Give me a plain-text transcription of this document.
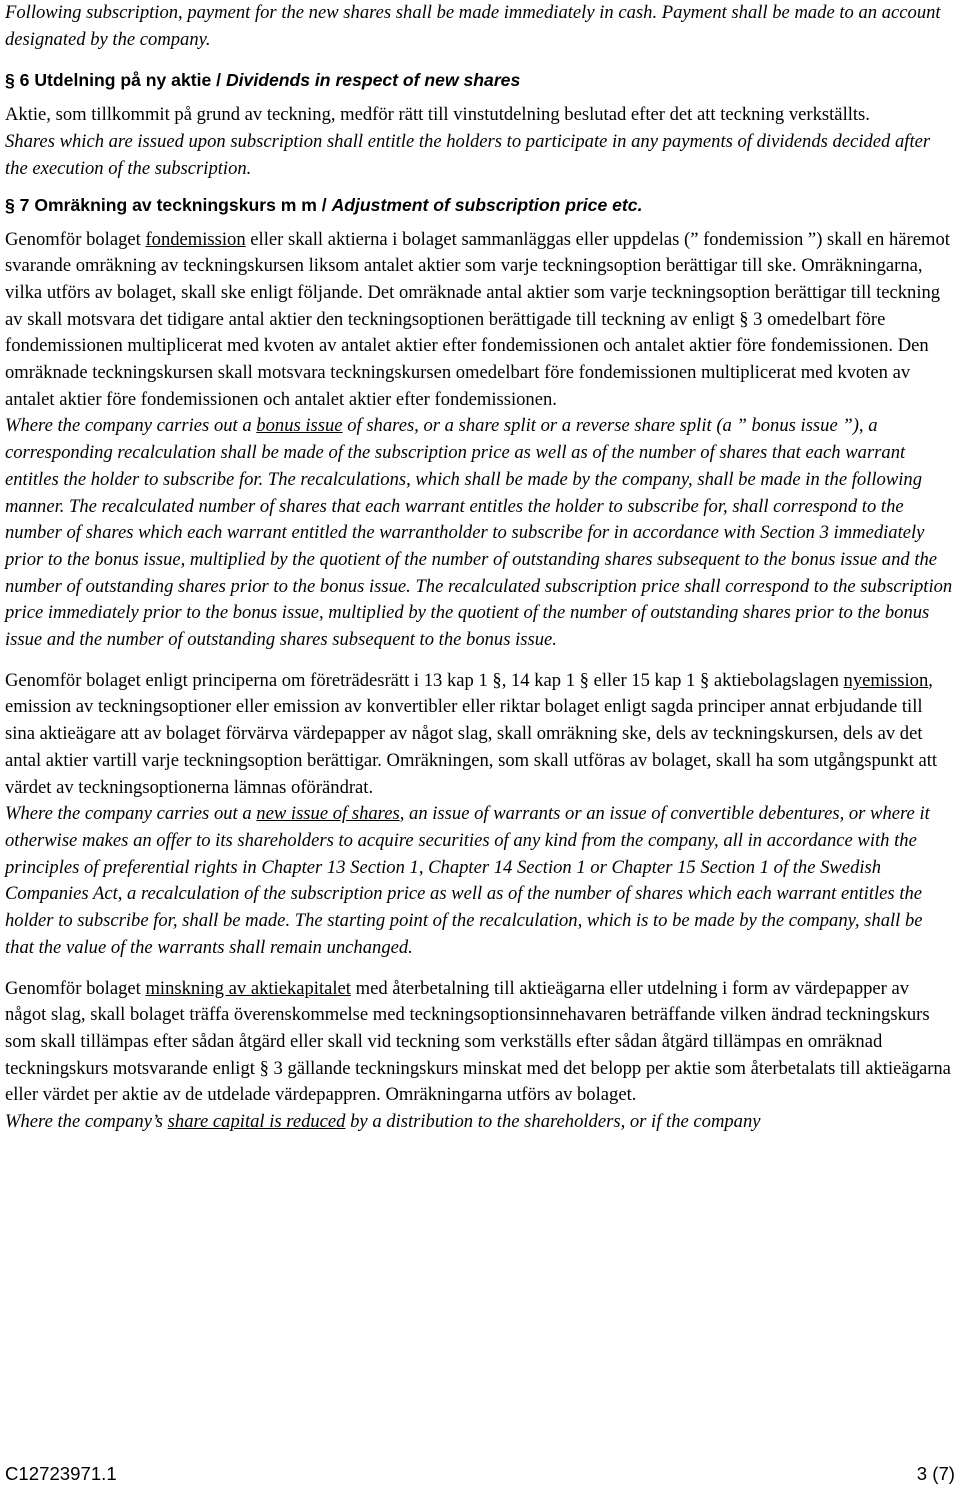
Following subscription, payment for the new shares shall be made immediately in cash. Payment shall be made to an account designated by the company.

§ 6 Utdelning på ny aktie / Dividends in respect of new shares

Aktie, som tillkommit på grund av teckning, medför rätt till vinstutdelning beslutad efter det att teckning verkställts.

Shares which are issued upon subscription shall entitle the holders to participate in any payments of dividends decided after the execution of the subscription.

§ 7 Omräkning av teckningskurs m m / Adjustment of subscription price etc.

Genomför bolaget fondemission eller skall aktierna i bolaget sammanläggas eller uppdelas (” fondemission ”) skall en häremot svarande omräkning av teckningskursen liksom antalet aktier som varje teckningsoption berättigar till ske. Omräkningarna, vilka utförs av bolaget, skall ske enligt följande. Det omräknade antal aktier som varje teckningsoption berättigar till teckning av skall motsvara det tidigare antal aktier den teckningsoptionen berättigade till teckning av enligt § 3 omedelbart före fondemissionen multiplicerat med kvoten av antalet aktier efter fondemissionen och antalet aktier före fondemissionen. Den omräknade teckningskursen skall motsvara teckningskursen omedelbart före fondemissionen multiplicerat med kvoten av antalet aktier före fondemissionen och antalet aktier efter fondemissionen.

Where the company carries out a bonus issue of shares, or a share split or a reverse share split (a ” bonus issue ”), a corresponding recalculation shall be made of the subscription price as well as of the number of shares that each warrant entitles the holder to subscribe for. The recalculations, which shall be made by the company, shall be made in the following manner. The recalculated number of shares that each warrant entitles the holder to subscribe for, shall correspond to the number of shares which each warrant entitled the warrantholder to subscribe for in accordance with Section 3 immediately prior to the bonus issue, multiplied by the quotient of the number of outstanding shares subsequent to the bonus issue and the number of outstanding shares prior to the bonus issue. The recalculated subscription price shall correspond to the subscription price immediately prior to the bonus issue, multiplied by the quotient of the number of outstanding shares prior to the bonus issue and the number of outstanding shares subsequent to the bonus issue.

Genomför bolaget enligt principerna om företrädesrätt i 13 kap 1 §, 14 kap 1 § eller 15 kap 1 § aktiebolagslagen nyemission, emission av teckningsoptioner eller emission av konvertibler eller riktar bolaget enligt sagda principer annat erbjudande till sina aktieägare att av bolaget förvärva värdepapper av något slag, skall omräkning ske, dels av teckningskursen, dels av det antal aktier vartill varje teckningsoption berättigar. Omräkningen, som skall utföras av bolaget, skall ha som utgångspunkt att värdet av teckningsoptionerna lämnas oförändrat.

Where the company carries out a new issue of shares, an issue of warrants or an issue of convertible debentures, or where it otherwise makes an offer to its shareholders to acquire securities of any kind from the company, all in accordance with the principles of preferential rights in Chapter 13 Section 1, Chapter 14 Section 1 or Chapter 15 Section 1 of the Swedish Companies Act, a recalculation of the subscription price as well as of the number of shares which each warrant entitles the holder to subscribe for, shall be made. The starting point of the recalculation, which is to be made by the company, shall be that the value of the warrants shall remain unchanged.

Genomför bolaget minskning av aktiekapitalet med återbetalning till aktieägarna eller utdelning i form av värdepapper av något slag, skall bolaget träffa överenskommelse med teckningsoptionsinnehavaren beträffande vilken ändrad teckningskurs som skall tillämpas efter sådan åtgärd eller skall vid teckning som verkställs efter sådan åtgärd tillämpas en omräknad teckningskurs motsvarande enligt § 3 gällande teckningskurs minskat med det belopp per aktie som återbetalats till aktieägarna eller värdet per aktie av de utdelade värdepappren. Omräkningarna utförs av bolaget.

Where the company’s share capital is reduced by a distribution to the shareholders, or if the company

C12723971.1	3 (7)
